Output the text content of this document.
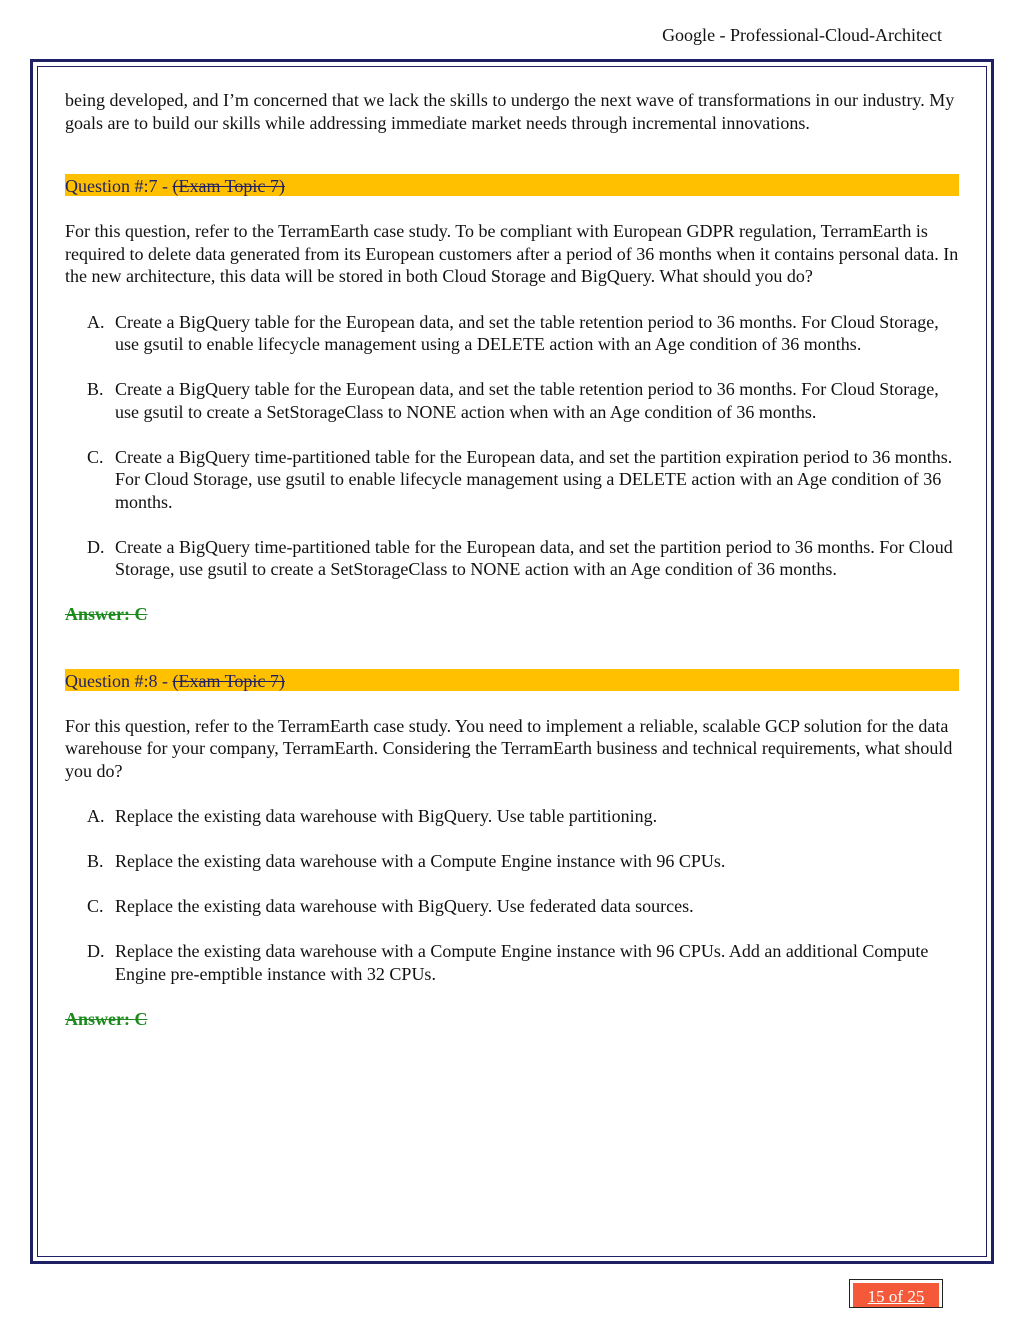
Google - Professional-Cloud-Architect

being developed, and I’m concerned that we lack the skills to undergo the next wave of transformations in our industry. My goals are to build our skills while addressing immediate market needs through incremental innovations.

Question #:7 - (Exam Topic 7)

For this question, refer to the TerramEarth case study. To be compliant with European GDPR regulation, TerramEarth is required to delete data generated from its European customers after a period of 36 months when it contains personal data. In the new architecture, this data will be stored in both Cloud Storage and BigQuery. What should you do?

A. Create a BigQuery table for the European data, and set the table retention period to 36 months. For Cloud Storage, use gsutil to enable lifecycle management using a DELETE action with an Age condition of 36 months.
B. Create a BigQuery table for the European data, and set the table retention period to 36 months. For Cloud Storage, use gsutil to create a SetStorageClass to NONE action when with an Age condition of 36 months.
C. Create a BigQuery time-partitioned table for the European data, and set the partition expiration period to 36 months. For Cloud Storage, use gsutil to enable lifecycle management using a DELETE action with an Age condition of 36 months.
D. Create a BigQuery time-partitioned table for the European data, and set the partition period to 36 months. For Cloud Storage, use gsutil to create a SetStorageClass to NONE action with an Age condition of 36 months.

Answer: C

Question #:8 - (Exam Topic 7)

For this question, refer to the TerramEarth case study. You need to implement a reliable, scalable GCP solution for the data warehouse for your company, TerramEarth. Considering the TerramEarth business and technical requirements, what should you do?

A. Replace the existing data warehouse with BigQuery. Use table partitioning.
B. Replace the existing data warehouse with a Compute Engine instance with 96 CPUs.
C. Replace the existing data warehouse with BigQuery. Use federated data sources.
D. Replace the existing data warehouse with a Compute Engine instance with 96 CPUs. Add an additional Compute Engine pre-emptible instance with 32 CPUs.

Answer: C

15 of 25
